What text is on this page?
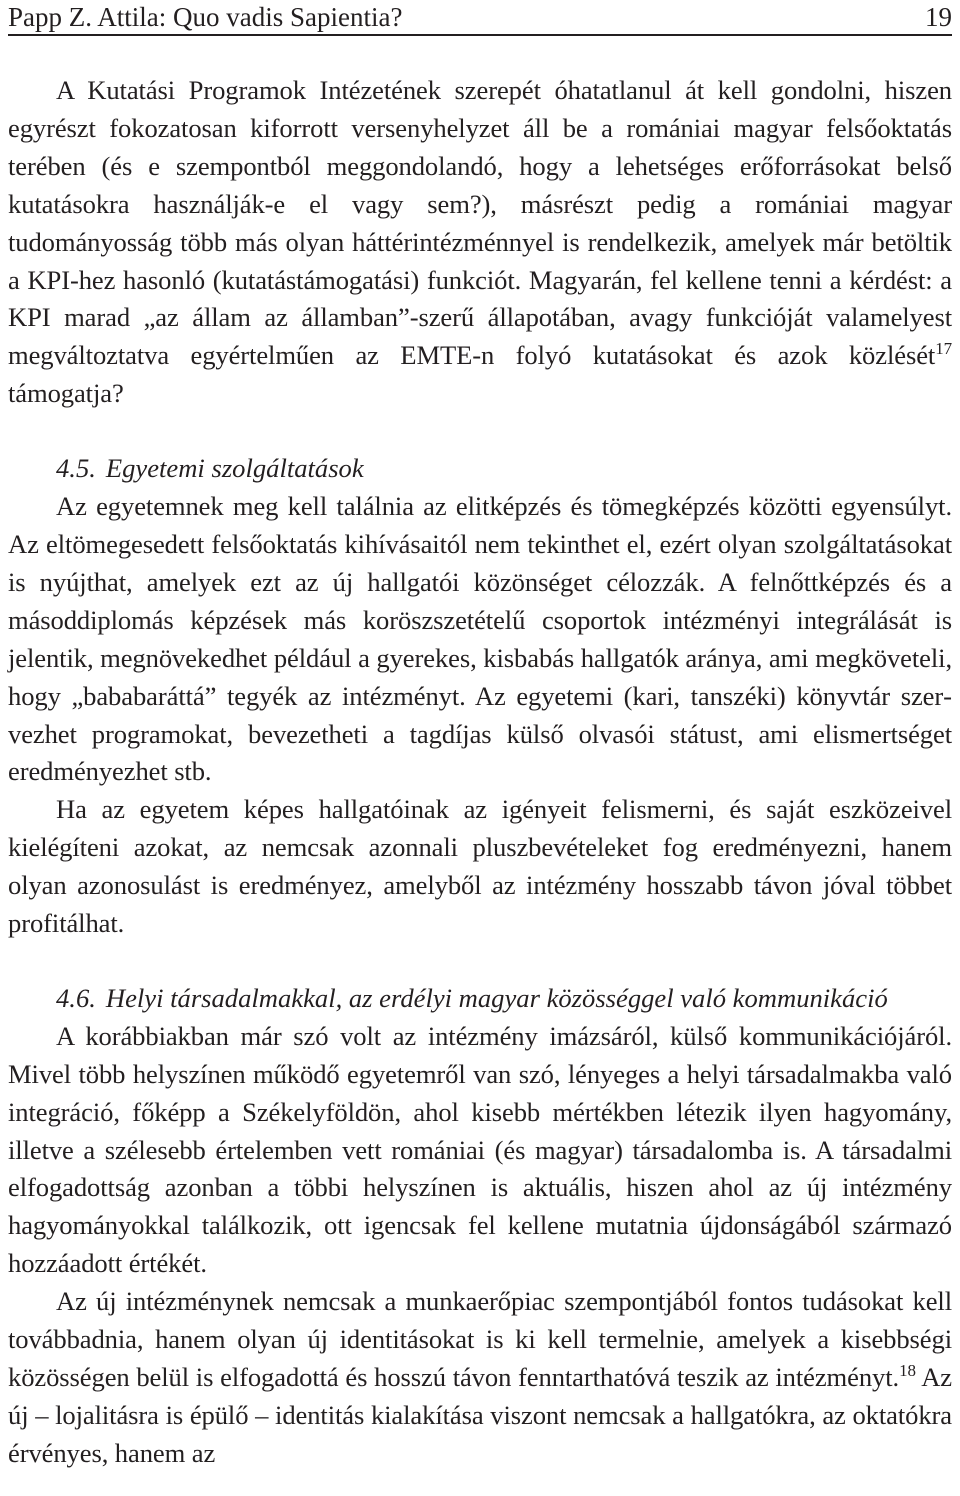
Papp Z. Attila: Quo vadis Sapientia?	19

A Kutatási Programok Intézetének szerepét óhatatlanul át kell gondolni, hiszen egyrészt fokozatosan kiforrott versenyhelyzet áll be a romániai magyar felsőoktatás terében (és e szempontból meggondolandó, hogy a lehetséges erőforrásokat belső kutatásokra használják-e el vagy sem?), másrészt pedig a romániai magyar tudományosság több más olyan háttérintézménnyel is rendelkezik, amelyek már betöltik a KPI-hez hasonló (kutatástámogatási) funkciót. Magyarán, fel kellene tenni a kérdést: a KPI marad „az állam az államban”-szerű állapotában, avagy funkcióját valamelyest megváltoztatva egyértelműen az EMTE-n folyó kutatásokat és azok közlését$^{17}$ támogatja?

4.5. Egyetemi szolgáltatások

Az egyetemnek meg kell találnia az elitképzés és tömegképzés közötti egyensúlyt. Az eltömegesedett felsőoktatás kihívásaitól nem tekinthet el, ezért olyan szolgáltatásokat is nyújthat, amelyek ezt az új hallgatói közönséget célozzák. A felnőttképzés és a másoddiplomás képzések más koröszszetételű csoportok intézményi integrálását is jelentik, megnövekedhet például a gyerekes, kisbabás hallgatók aránya, ami megköveteli, hogy „bababaráttá” tegyék az intézményt. Az egyetemi (kari, tanszéki) könyvtár szervezhet programokat, bevezetheti a tagdíjas külső olvasói státust, ami elismertséget eredményezhet stb.

Ha az egyetem képes hallgatóinak az igényeit felismerni, és saját eszközeivel kielégíteni azokat, az nemcsak azonnali pluszbevételeket fog eredményezni, hanem olyan azonosulást is eredményez, amelyből az intézmény hosszabb távon jóval többet profitálhat.

4.6. Helyi társadalmakkal, az erdélyi magyar közösséggel való kommunikáció

A korábbiakban már szó volt az intézmény imázsáról, külső kommunikációjáról. Mivel több helyszínen működő egyetemről van szó, lényeges a helyi társadalmakba való integráció, főképp a Székelyföldön, ahol kisebb mértékben létezik ilyen hagyomány, illetve a szélesebb értelemben vett romániai (és magyar) társadalomba is. A társadalmi elfogadottság azonban a többi helyszínen is aktuális, hiszen ahol az új intézmény hagyományokkal találkozik, ott igencsak fel kellene mutatnia újdonságából származó hozzáadott értékét.

Az új intézménynek nemcsak a munkaerőpiac szempontjából fontos tudásokat kell továbbadnia, hanem olyan új identitásokat is ki kell termelnie, amelyek a kisebbségi közösségen belül is elfogadottá és hosszú távon fenntarthatóvá teszik az intézményt.$^{18}$ Az új – lojalitásra is épülő – identitás kialakítása viszont nemcsak a hallgatókra, az oktatókra érvényes, hanem az
